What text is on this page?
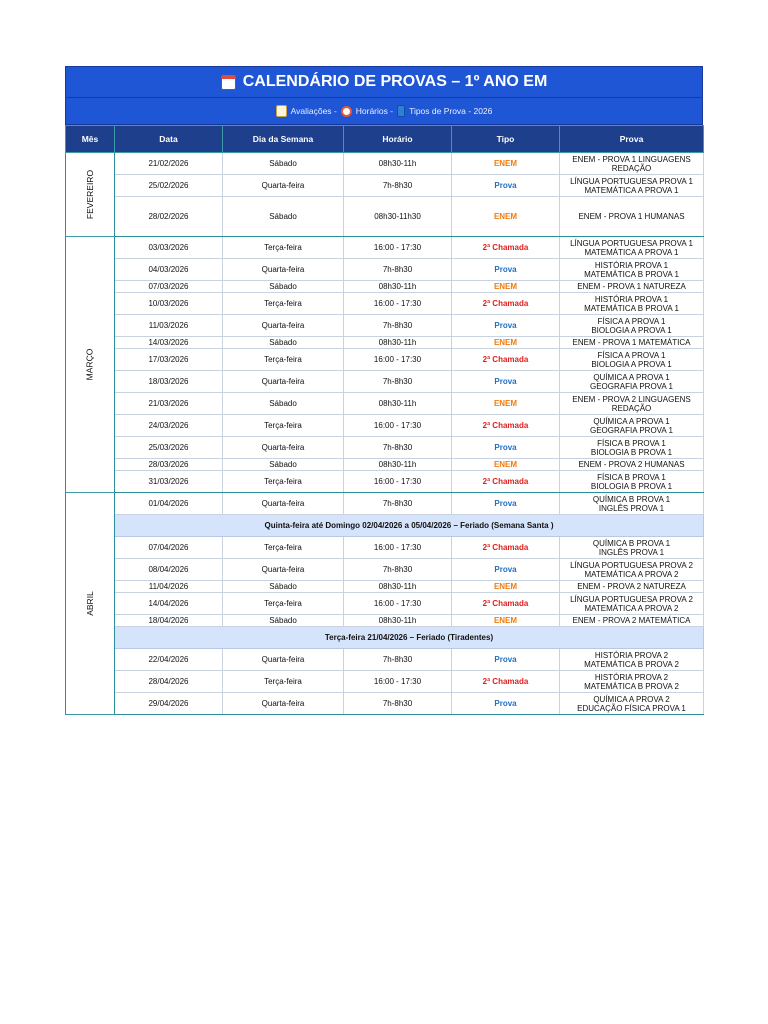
CALENDÁRIO DE PROVAS – 1º ANO EM
Avaliações - Horários - Tipos de Prova - 2026
Mês	Data	Dia da Semana	Horário	Tipo	Prova
FEVEREIRO	21/02/2026	Sábado	08h30-11h	ENEM	ENEM - PROVA 1 LINGUAGENS
REDAÇÃO
	25/02/2026	Quarta-feira	7h-8h30	Prova	LÍNGUA PORTUGUESA PROVA 1
MATEMÁTICA A PROVA 1
	28/02/2026	Sábado	08h30-11h30	ENEM	ENEM - PROVA 1 HUMANAS
MARÇO	03/03/2026	Terça-feira	16:00 - 17:30	2ª Chamada	LÍNGUA PORTUGUESA PROVA 1
MATEMÁTICA A PROVA 1
	04/03/2026	Quarta-feira	7h-8h30	Prova	HISTÓRIA PROVA 1
MATEMÁTICA B PROVA 1
	07/03/2026	Sábado	08h30-11h	ENEM	ENEM - PROVA 1 NATUREZA
	10/03/2026	Terça-feira	16:00 - 17:30	2ª Chamada	HISTÓRIA PROVA 1
MATEMÁTICA B PROVA 1
	11/03/2026	Quarta-feira	7h-8h30	Prova	FÍSICA A PROVA 1
BIOLOGIA A PROVA 1
	14/03/2026	Sábado	08h30-11h	ENEM	ENEM - PROVA 1 MATEMÁTICA
	17/03/2026	Terça-feira	16:00 - 17:30	2ª Chamada	FÍSICA A PROVA 1
BIOLOGIA A PROVA 1
	18/03/2026	Quarta-feira	7h-8h30	Prova	QUÍMICA A PROVA 1
GEOGRAFIA PROVA 1
	21/03/2026	Sábado	08h30-11h	ENEM	ENEM - PROVA 2 LINGUAGENS
REDAÇÃO
	24/03/2026	Terça-feira	16:00 - 17:30	2ª Chamada	QUÍMICA A PROVA 1
GEOGRAFIA PROVA 1
	25/03/2026	Quarta-feira	7h-8h30	Prova	FÍSICA B PROVA 1
BIOLOGIA B PROVA 1
	28/03/2026	Sábado	08h30-11h	ENEM	ENEM - PROVA 2 HUMANAS
	31/03/2026	Terça-feira	16:00 - 17:30	2ª Chamada	FÍSICA B PROVA 1
BIOLOGIA B PROVA 1
ABRIL	01/04/2026	Quarta-feira	7h-8h30	Prova	QUÍMICA B PROVA 1
INGLÊS PROVA 1
	Quinta-feira até Domingo 02/04/2026 a 05/04/2026 – Feriado (Semana Santa )				
	07/04/2026	Terça-feira	16:00 - 17:30	2ª Chamada	QUÍMICA B PROVA 1
INGLÊS PROVA 1
	08/04/2026	Quarta-feira	7h-8h30	Prova	LÍNGUA PORTUGUESA PROVA 2
MATEMÁTICA A PROVA 2
	11/04/2026	Sábado	08h30-11h	ENEM	ENEM - PROVA 2 NATUREZA
	14/04/2026	Terça-feira	16:00 - 17:30	2ª Chamada	LÍNGUA PORTUGUESA PROVA 2
MATEMÁTICA A PROVA 2
	18/04/2026	Sábado	08h30-11h	ENEM	ENEM - PROVA 2 MATEMÁTICA
	Terça-feira 21/04/2026 – Feriado (Tiradentes)				
	22/04/2026	Quarta-feira	7h-8h30	Prova	HISTÓRIA PROVA 2
MATEMÁTICA B PROVA 2
	28/04/2026	Terça-feira	16:00 - 17:30	2ª Chamada	HISTÓRIA PROVA 2
MATEMÁTICA B PROVA 2
	29/04/2026	Quarta-feira	7h-8h30	Prova	QUÍMICA A PROVA 2
EDUCAÇÃO FÍSICA PROVA 1
